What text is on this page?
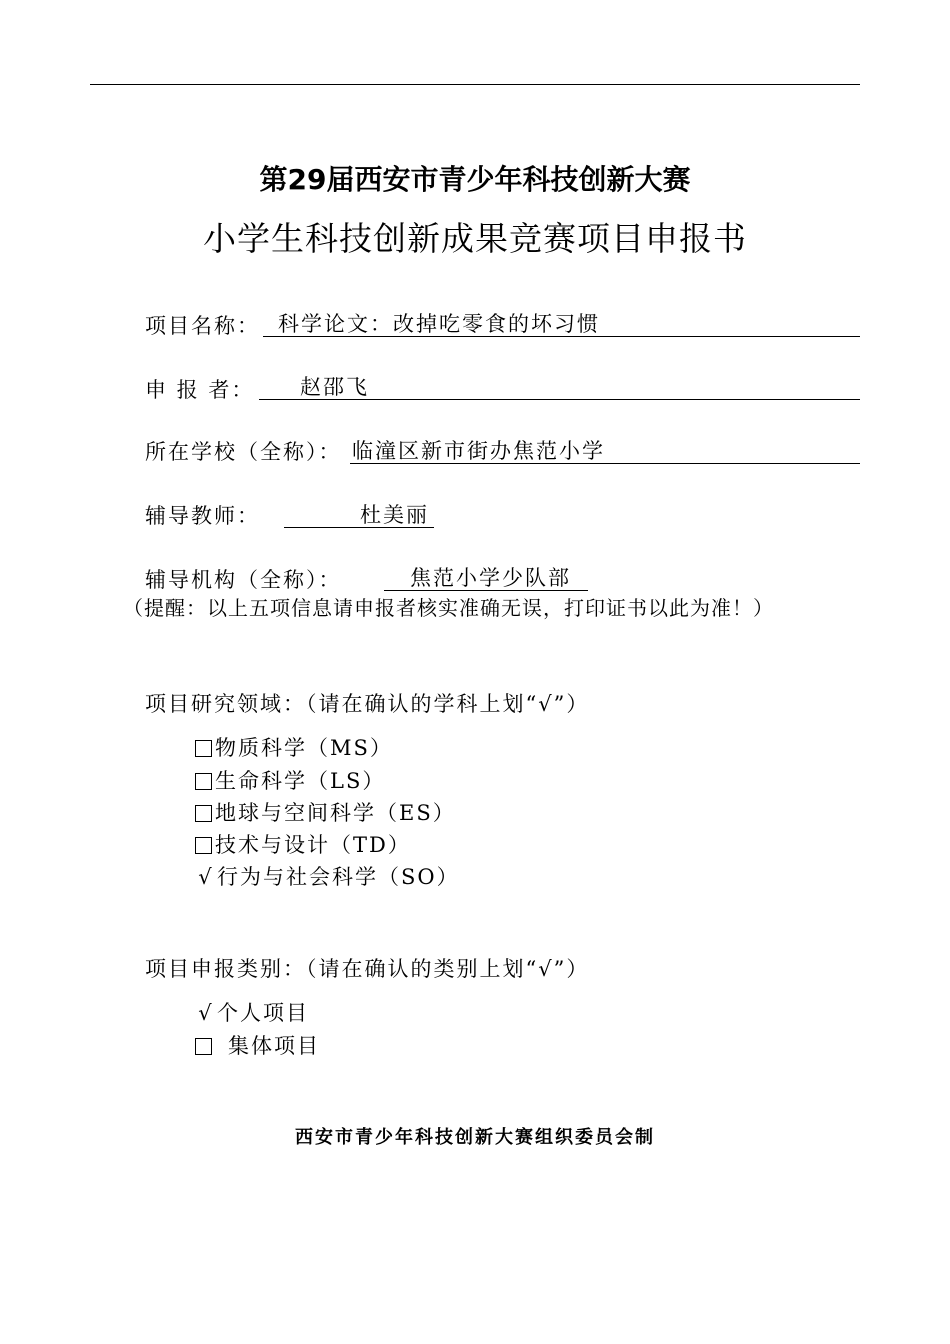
第29届西安市青少年科技创新大赛
小学生科技创新成果竞赛项目申报书
项目名称： 科学论文：改掉吃零食的坏习惯
申 报 者： 赵邵飞
所在学校（全称）： 临潼区新市街办焦范小学
辅导教师：	杜美丽
辅导机构（全称）：	焦范小学少队部
（提醒：以上五项信息请申报者核实准确无误，打印证书以此为准！）
项目研究领域：（请在确认的学科上划“√”）
物质科学（MS）
生命科学（LS）
地球与空间科学（ES）
技术与设计（TD）
√ 行为与社会科学（SO）
项目申报类别：（请在确认的类别上划“√”）
√ 个人项目
集体项目
西安市青少年科技创新大赛组织委员会制
